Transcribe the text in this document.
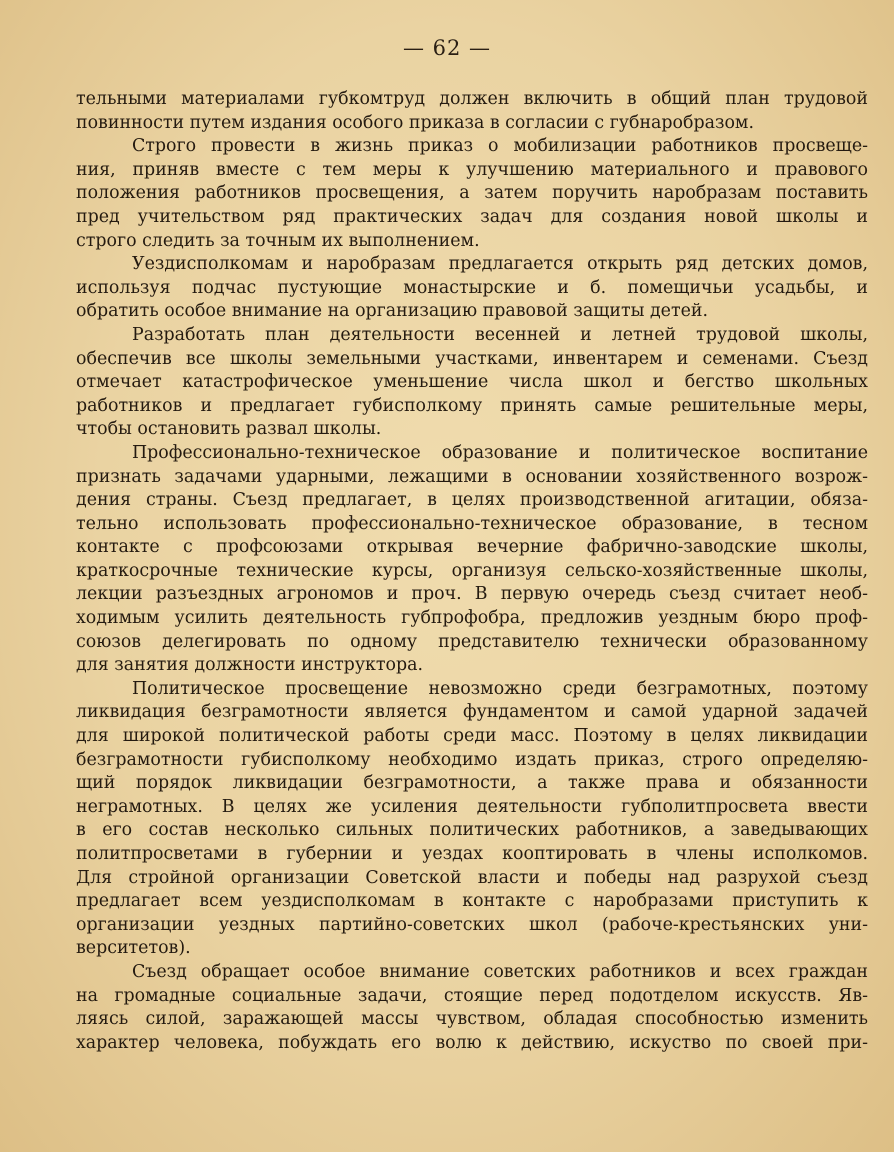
— 62 —
тельными материалами губкомтруд должен включить в общий план трудовой
повинности путем издания особого приказа в согласии с губнаробразом.
Строго провести в жизнь приказ о мобилизации работников просвеще-
ния, приняв вместе с тем меры к улучшению материального и правового
положения работников просвещения, а затем поручить наробразам поставить
пред учительством ряд практических задач для создания новой школы и
строго следить за точным их выполнением.
Уездисполкомам и наробразам предлагается открыть ряд детских домов,
используя подчас пустующие монастырские и б. помещичьи усадьбы, и
обратить особое внимание на организацию правовой защиты детей.
Разработать план деятельности весенней и летней трудовой школы,
обеспечив все школы земельными участками, инвентарем и семенами. Съезд
отмечает катастрофическое уменьшение числа школ и бегство школьных
работников и предлагает губисполкому принять самые решительные меры,
чтобы остановить развал школы.
Профессионально-техническое образование и политическое воспитание
признать задачами ударными, лежащими в основании хозяйственного возрож-
дения страны. Съезд предлагает, в целях производственной агитации, обяза-
тельно использовать профессионально-техническое образование, в тесном
контакте с профсоюзами открывая вечерние фабрично-заводские школы,
краткосрочные технические курсы, организуя сельско-хозяйственные школы,
лекции разъездных агрономов и проч. В первую очередь съезд считает необ-
ходимым усилить деятельность губпрофобра, предложив уездным бюро проф-
союзов делегировать по одному представителю технически образованному
для занятия должности инструктора.
Политическое просвещение невозможно среди безграмотных, поэтому
ликвидация безграмотности является фундаментом и самой ударной задачей
для широкой политической работы среди масс. Поэтому в целях ликвидации
безграмотности губисполкому необходимо издать приказ, строго определяю-
щий порядок ликвидации безграмотности, а также права и обязанности
неграмотных. В целях же усиления деятельности губполитпросвета ввести
в его состав несколько сильных политических работников, а заведывающих
политпросветами в губернии и уездах кооптировать в члены исполкомов.
Для стройной организации Советской власти и победы над разрухой съезд
предлагает всем уездисполкомам в контакте с наробразами приступить к
организации уездных партийно-советских школ (рабоче-крестьянских уни-
верситетов).
Съезд обращает особое внимание советских работников и всех граждан
на громадные социальные задачи, стоящие перед подотделом искусств. Яв-
ляясь силой, заражающей массы чувством, обладая способностью изменить
характер человека, побуждать его волю к действию, искуство по своей при-
